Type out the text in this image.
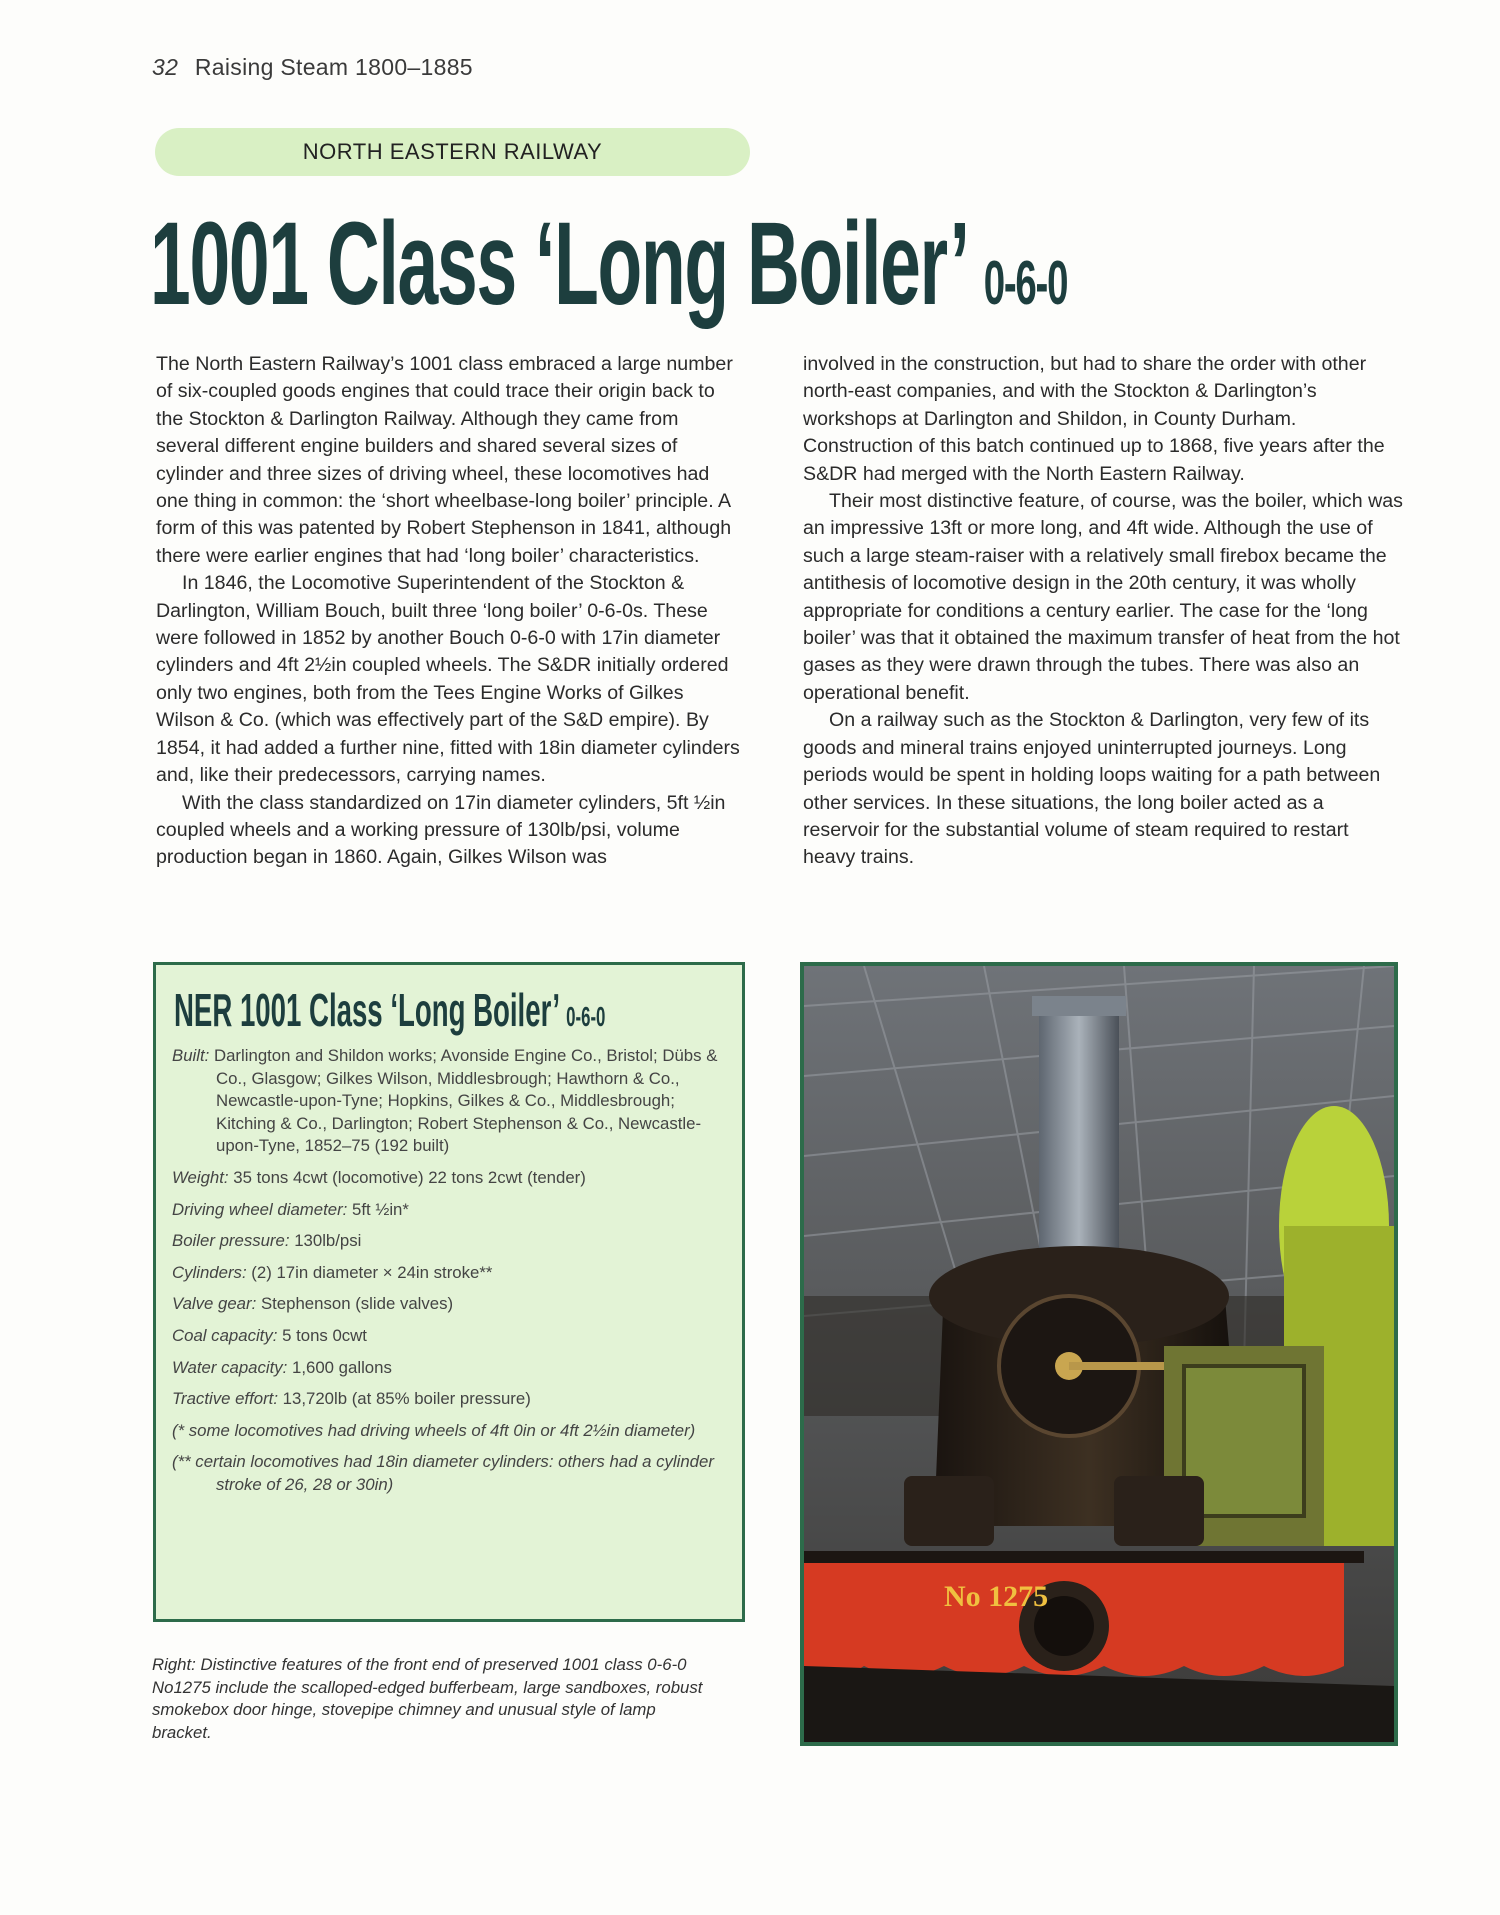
32 Raising Steam 1800–1885
NORTH EASTERN RAILWAY
1001 Class ‘Long Boiler’ 0-6-0

The North Eastern Railway’s 1001 class embraced a large number of six-coupled goods engines that could trace their origin back to the Stockton & Darlington Railway. Although they came from several different engine builders and shared several sizes of cylinder and three sizes of driving wheel, these locomotives had one thing in common: the ‘short wheelbase-long boiler’ principle. A form of this was patented by Robert Stephenson in 1841, although there were earlier engines that had ‘long boiler’ characteristics.

In 1846, the Locomotive Superintendent of the Stockton & Darlington, William Bouch, built three ‘long boiler’ 0-6-0s. These were followed in 1852 by another Bouch 0-6-0 with 17in diameter cylinders and 4ft 2½in coupled wheels. The S&DR initially ordered only two engines, both from the Tees Engine Works of Gilkes Wilson & Co. (which was effectively part of the S&D empire). By 1854, it had added a further nine, fitted with 18in diameter cylinders and, like their predecessors, carrying names.

With the class standardized on 17in diameter cylinders, 5ft ½in coupled wheels and a working pressure of 130lb/psi, volume production began in 1860. Again, Gilkes Wilson was

involved in the construction, but had to share the order with other north-east companies, and with the Stockton & Darlington’s workshops at Darlington and Shildon, in County Durham. Construction of this batch continued up to 1868, five years after the S&DR had merged with the North Eastern Railway.

Their most distinctive feature, of course, was the boiler, which was an impressive 13ft or more long, and 4ft wide. Although the use of such a large steam-raiser with a relatively small firebox became the antithesis of locomotive design in the 20th century, it was wholly appropriate for conditions a century earlier. The case for the ‘long boiler’ was that it obtained the maximum transfer of heat from the hot gases as they were drawn through the tubes. There was also an operational benefit.

On a railway such as the Stockton & Darlington, very few of its goods and mineral trains enjoyed uninterrupted journeys. Long periods would be spent in holding loops waiting for a path between other services. In these situations, the long boiler acted as a reservoir for the substantial volume of steam required to restart heavy trains.

NER 1001 Class ‘Long Boiler’ 0-6-0
Built: Darlington and Shildon works; Avonside Engine Co., Bristol; Dübs & Co., Glasgow; Gilkes Wilson, Middlesbrough; Hawthorn & Co., Newcastle-upon-Tyne; Hopkins, Gilkes & Co., Middlesbrough; Kitching & Co., Darlington; Robert Stephenson & Co., Newcastle-upon-Tyne, 1852–75 (192 built)
Weight: 35 tons 4cwt (locomotive) 22 tons 2cwt (tender)
Driving wheel diameter: 5ft ½in*
Boiler pressure: 130lb/psi
Cylinders: (2) 17in diameter × 24in stroke**
Valve gear: Stephenson (slide valves)
Coal capacity: 5 tons 0cwt
Water capacity: 1,600 gallons
Tractive effort: 13,720lb (at 85% boiler pressure)
(* some locomotives had driving wheels of 4ft 0in or 4ft 2½in diameter)
(** certain locomotives had 18in diameter cylinders: others had a cylinder stroke of 26, 28 or 30in)
Right: Distinctive features of the front end of preserved 1001 class 0-6-0 No1275 include the scalloped-edged bufferbeam, large sandboxes, robust smokebox door hinge, stovepipe chimney and unusual style of lamp bracket.
No 1275
